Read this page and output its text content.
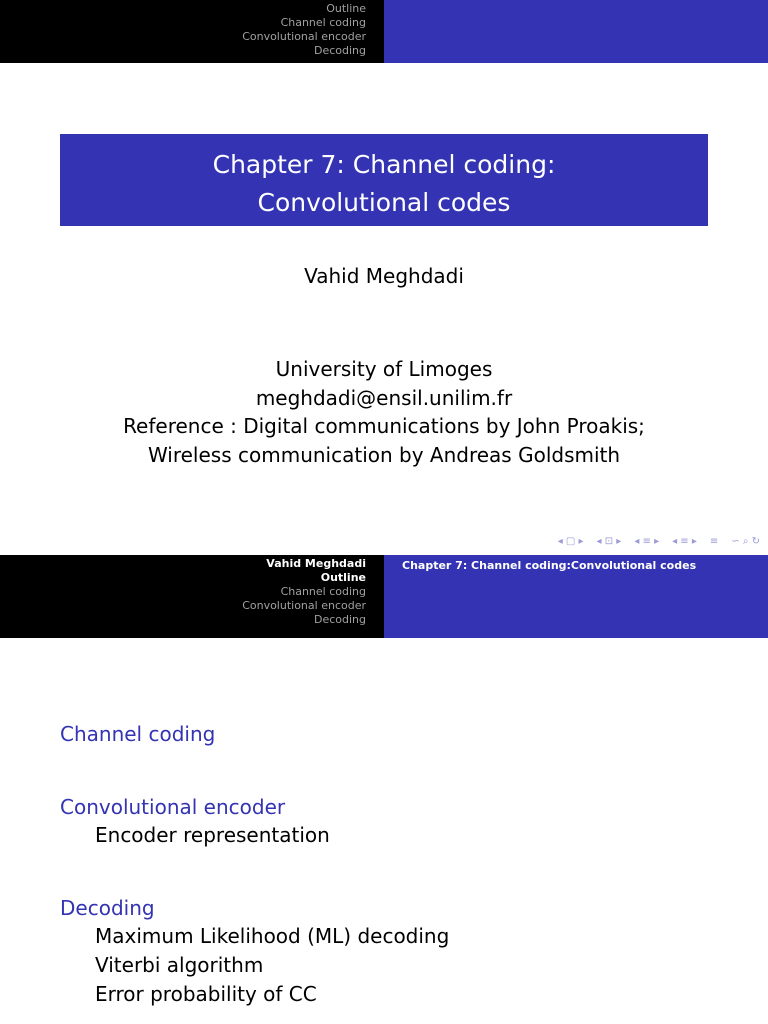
Outline
Channel coding
Convolutional encoder
Decoding
Chapter 7: Channel coding:
Convolutional codes
Vahid Meghdadi
University of Limoges
meghdadi@ensil.unilim.fr
Reference : Digital communications by John Proakis;
Wireless communication by Andreas Goldsmith
◂ ▢ ▸ ◂ ⊡ ▸ ◂ ≡ ▸ ◂ ≡ ▸ ≡ ∽ ⌕ ↻
Vahid Meghdadi
Outline
Channel coding
Convolutional encoder
Decoding
Chapter 7: Channel coding:Convolutional codes
Channel coding
Convolutional encoder
Encoder representation
Decoding
Maximum Likelihood (ML) decoding
Viterbi algorithm
Error probability of CC
